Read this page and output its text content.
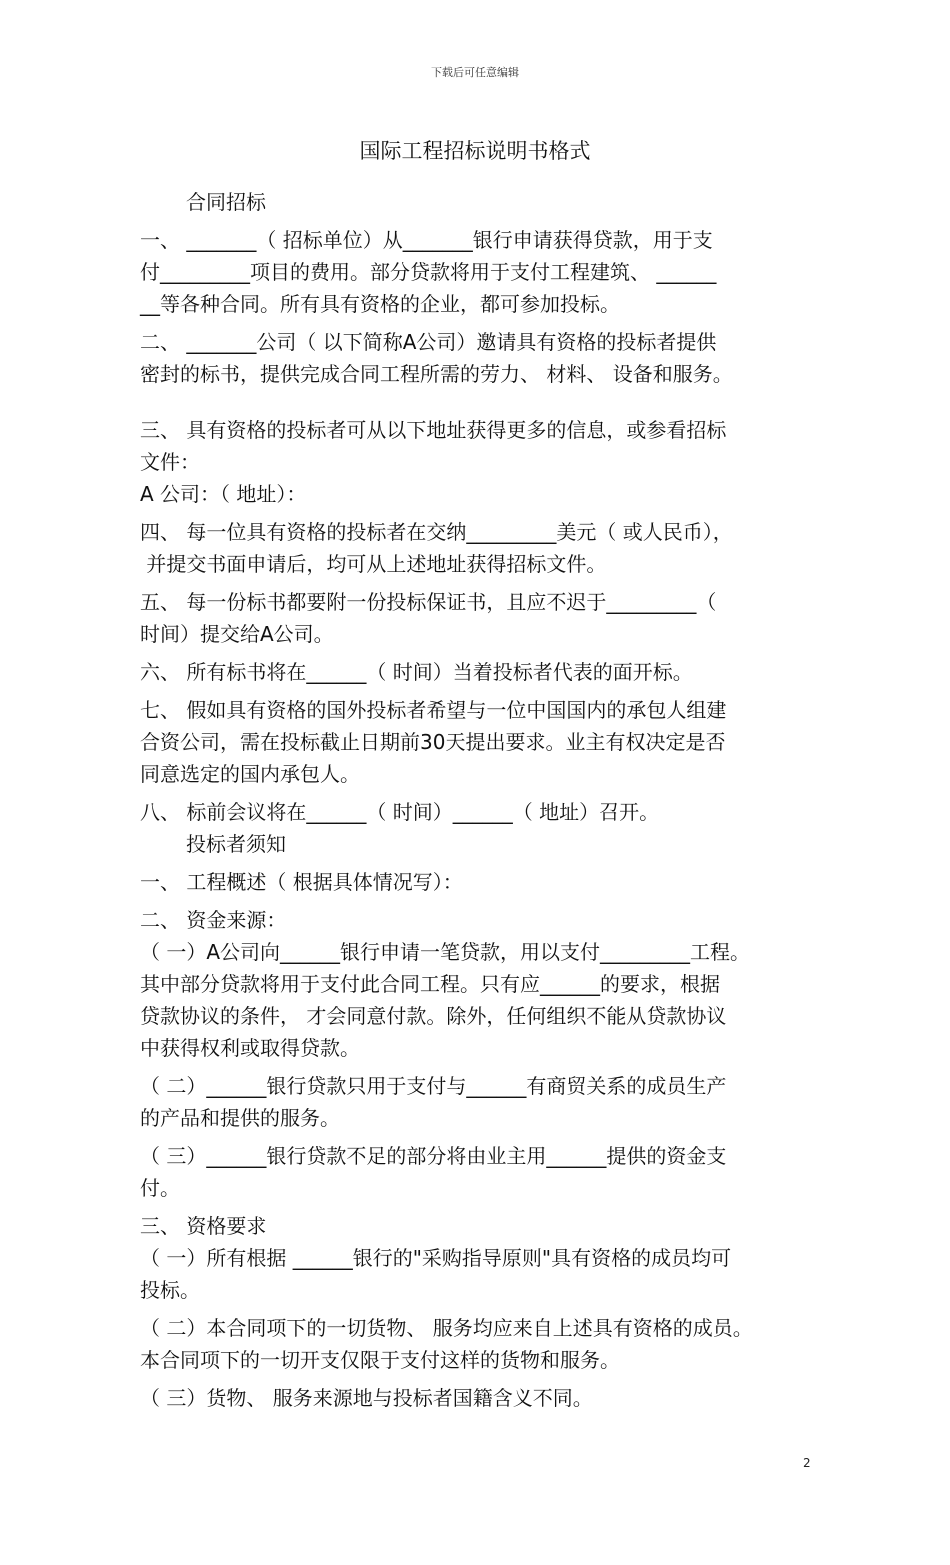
下载后可任意编辑
国际工程招标说明书格式
合同招标
一、 _______（ 招标单位）从_______银行申请获得贷款，用于支
付_________项目的费用。部分贷款将用于支付工程建筑、 ______
__等各种合同。所有具有资格的企业，都可参加投标。
二、 _______公司（ 以下简称A公司）邀请具有资格的投标者提供
密封的标书，提供完成合同工程所需的劳力、 材料、 设备和服务。
三、 具有资格的投标者可从以下地址获得更多的信息，或参看招标
文件：
A 公司：（ 地址）：
四、 每一位具有资格的投标者在交纳_________美元（ 或人民币），
并提交书面申请后，均可从上述地址获得招标文件。
五、 每一份标书都要附一份投标保证书，且应不迟于_________（
时间）提交给A公司。
六、 所有标书将在______（ 时间）当着投标者代表的面开标。
七、 假如具有资格的国外投标者希望与一位中国国内的承包人组建
合资公司，需在投标截止日期前30天提出要求。业主有权决定是否
同意选定的国内承包人。
八、 标前会议将在______（ 时间）______（ 地址）召开。
投标者须知
一、 工程概述（ 根据具体情况写）：
二、 资金来源：
（ 一）A公司向______银行申请一笔贷款，用以支付_________工程。
其中部分贷款将用于支付此合同工程。只有应______的要求，根据
贷款协议的条件， 才会同意付款。除外，任何组织不能从贷款协议
中获得权利或取得贷款。
（ 二）______银行贷款只用于支付与______有商贸关系的成员生产
的产品和提供的服务。
（ 三）______银行贷款不足的部分将由业主用______提供的资金支
付。
三、 资格要求
（ 一）所有根据 ______银行的"采购指导原则"具有资格的成员均可
投标。
（ 二）本合同项下的一切货物、 服务均应来自上述具有资格的成员。
本合同项下的一切开支仅限于支付这样的货物和服务。
（ 三）货物、 服务来源地与投标者国籍含义不同。
2
